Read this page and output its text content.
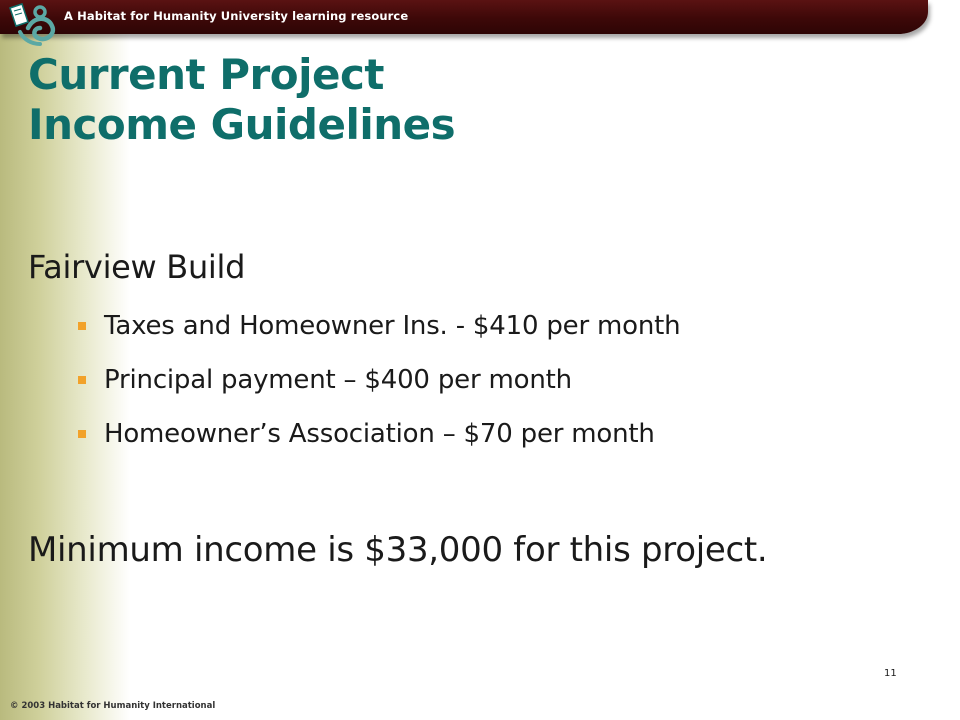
A Habitat for Humanity University learning resource
Current Project
Income Guidelines
Fairview Build
Taxes and Homeowner Ins. - $410 per month
Principal payment – $400 per month
Homeowner’s Association – $70 per month
Minimum income is $33,000 for this project.
11
© 2003 Habitat for Humanity International
